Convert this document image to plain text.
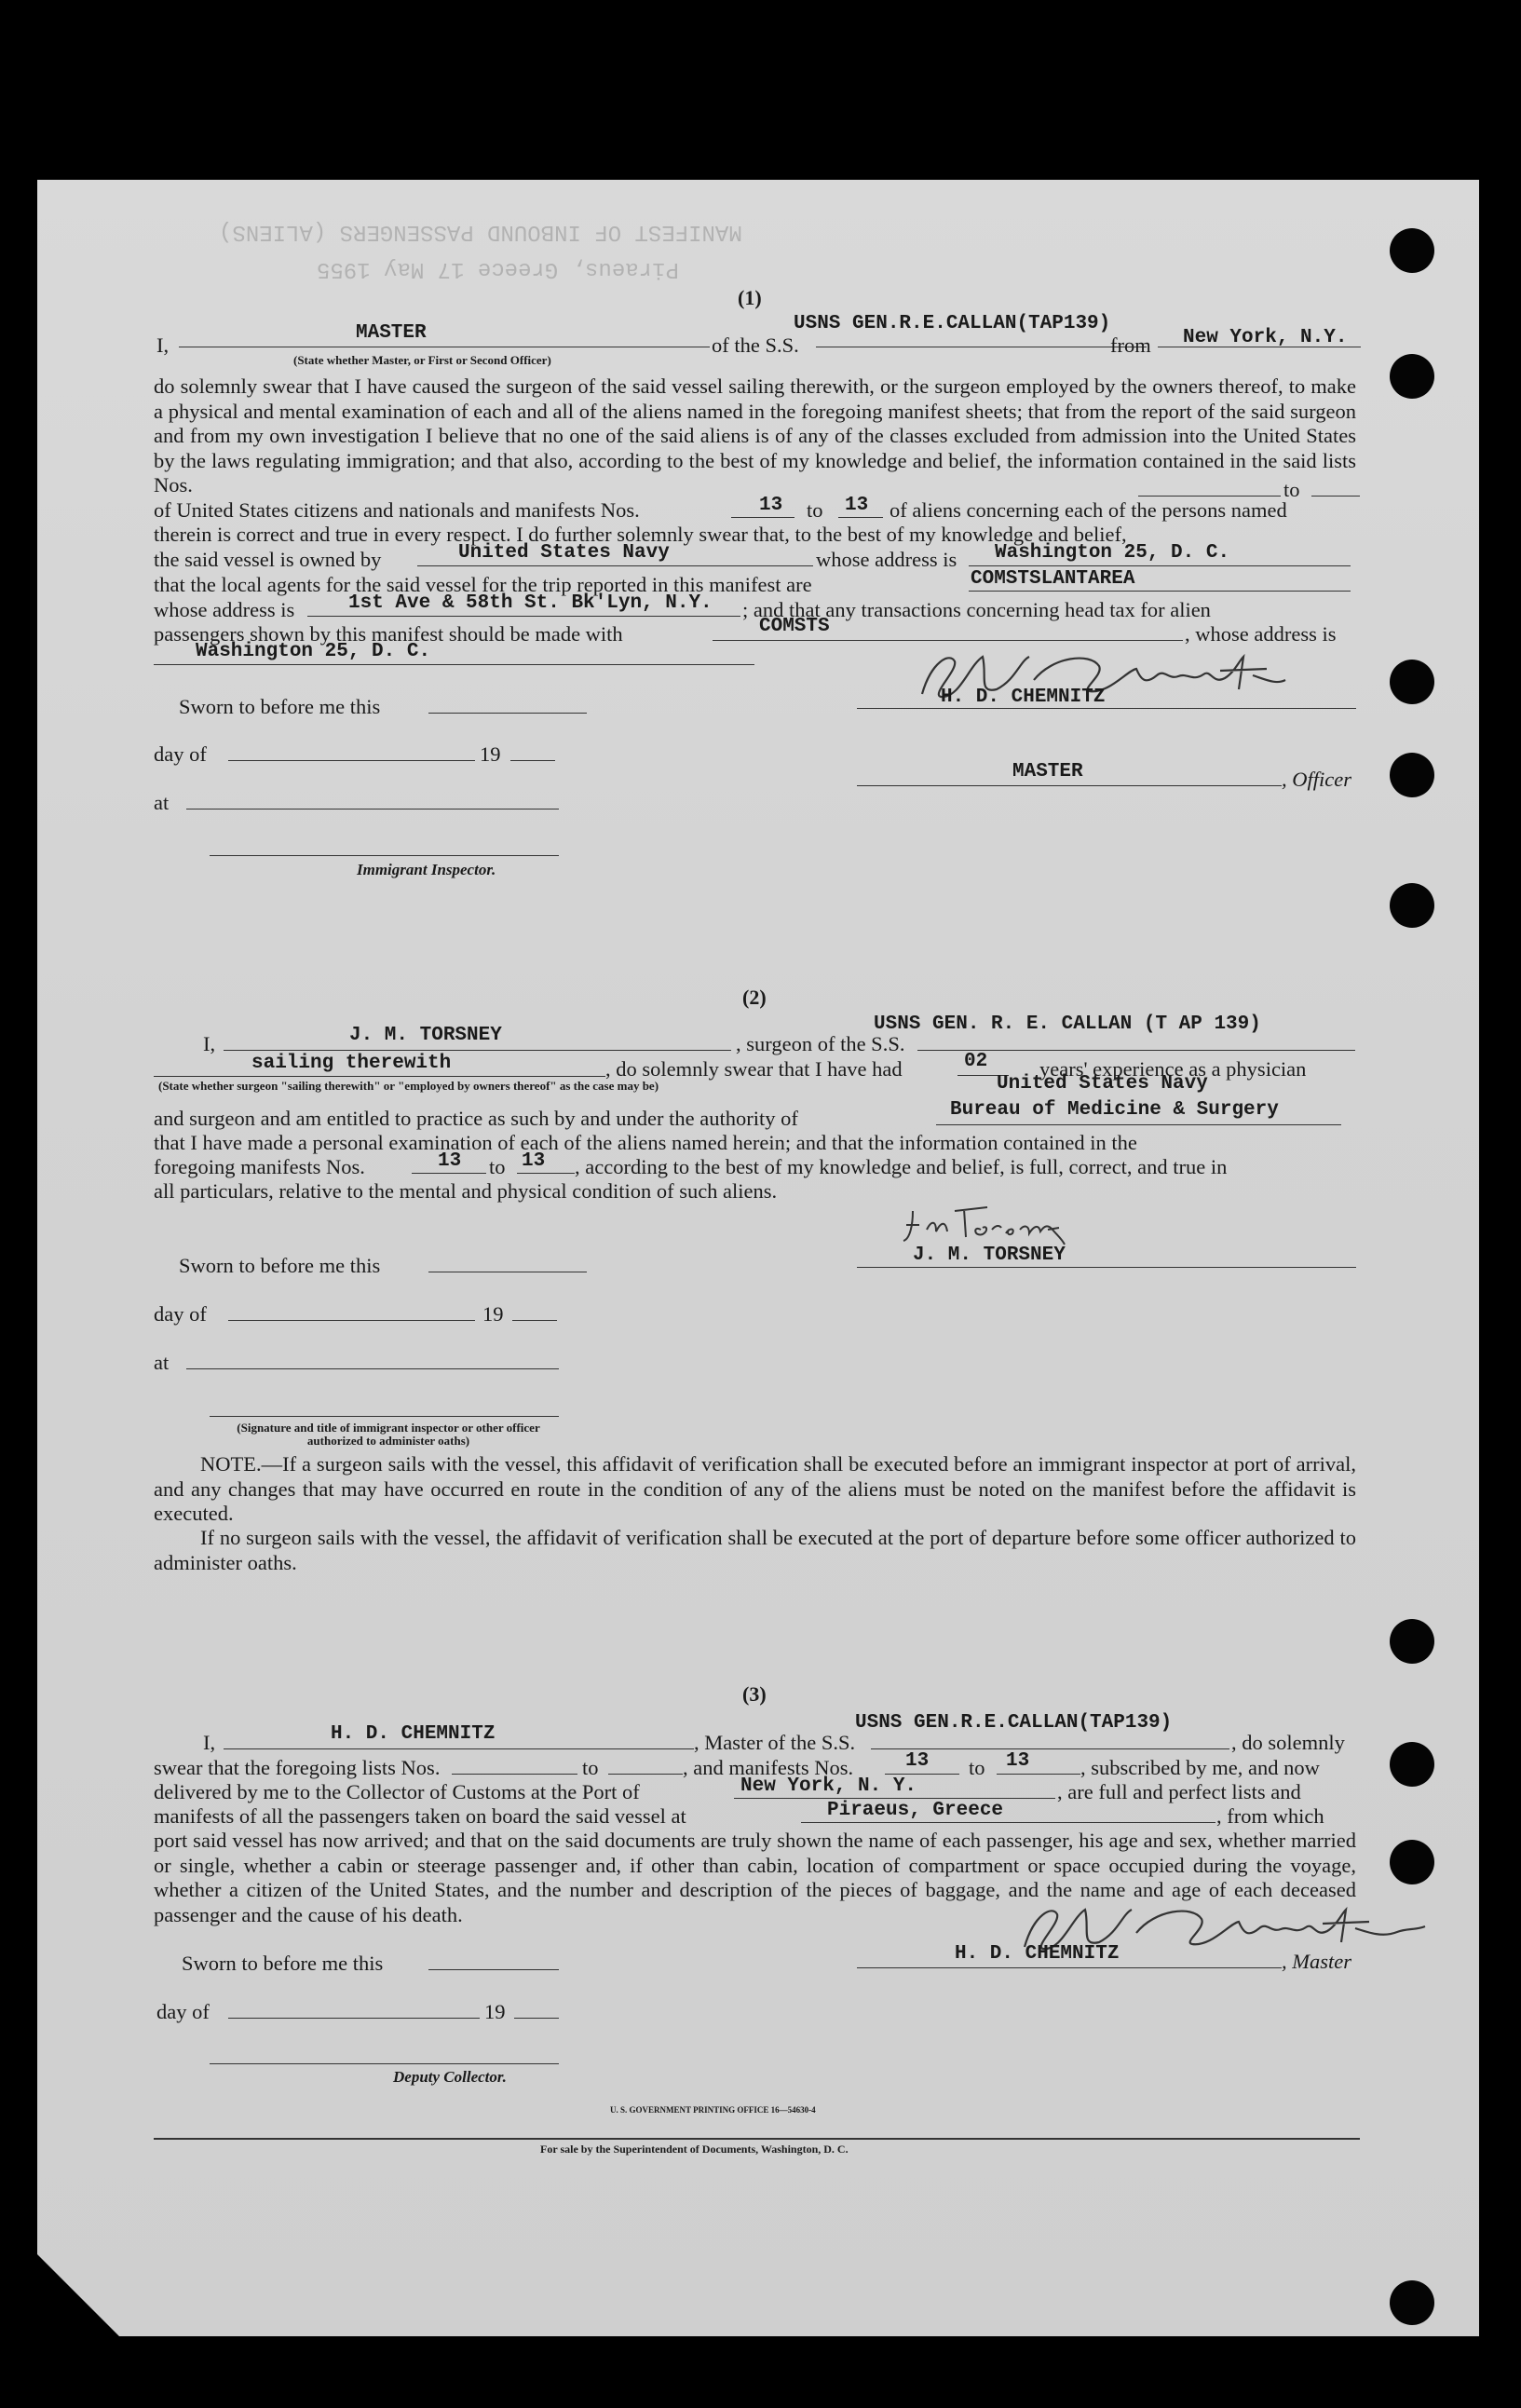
MANIFEST OF INBOUND PASSENGERS (ALIENS)
Piraeus, Greece 17 May 1955
(1)
I,
MASTER
(State whether Master, or First or Second Officer)
of the S.S.
USNS GEN.R.E.CALLAN(TAP139)
from New York, N.Y.
do solemnly swear that I have caused the surgeon of the said vessel sailing therewith, or the surgeon employed by the owners thereof, to make a physical and mental examination of each and all of the aliens named in the foregoing manifest sheets; that from the report of the said surgeon and from my own investigation I believe that no one of the said aliens is of any of the classes excluded from admission into the United States by the laws regulating immigration; and that also, according to the best of my knowledge and belief, the information contained in the said lists Nos.	to
of United States citizens and nationals and manifests Nos.	13 to 13 of aliens concerning each of the persons named
therein is correct and true in every respect. I do further solemnly swear that, to the best of my knowledge and belief,
the said vessel is owned by	United States Navy	whose address is Washington 25, D. C.
that the local agents for the said vessel for the trip reported in this manifest are	COMSTSLANTAREA
whose address is	1st Ave & 58th St. Bk'Lyn, N.Y. ; and that any transactions concerning head tax for alien
passengers shown by this manifest should be made with	COMSTS	, whose address is
Washington 25, D. C.
H. D. CHEMNITZ
Sworn to before me this
day of	19
MASTER	, Officer
at
Immigrant Inspector.
(2)
I,	J. M. TORSNEY	, surgeon of the S.S.
USNS GEN. R. E. CALLAN (T AP 139)
sailing therewith
(State whether surgeon "sailing therewith" or "employed by owners thereof" as the case may be)
, do solemnly swear that I have had	02 years' experience as a physician
United States Navy
and surgeon and am entitled to practice as such by and under the authority of	Bureau of Medicine & Surgery
that I have made a personal examination of each of the aliens named herein; and that the information contained in the
foregoing manifests Nos.	13 to 13 , according to the best of my knowledge and belief, is full, correct, and true in
all particulars, relative to the mental and physical condition of such aliens.
J. M. TORSNEY
Sworn to before me this
day of	19
at
(Signature and title of immigrant inspector or other officer authorized to administer oaths)
NOTE.—If a surgeon sails with the vessel, this affidavit of verification shall be executed before an immigrant inspector at port of arrival, and any changes that may have occurred en route in the condition of any of the aliens must be noted on the manifest before the affidavit is executed.
If no surgeon sails with the vessel, the affidavit of verification shall be executed at the port of departure before some officer authorized to administer oaths.
(3)
I,	H. D. CHEMNITZ	, Master of the S.S.
USNS GEN.R.E.CALLAN(TAP139)
, do solemnly
swear that the foregoing lists Nos.	to	, and manifests Nos.	13 to 13 , subscribed by me, and now
delivered by me to the Collector of Customs at the Port of	New York, N. Y.	, are full and perfect lists and
manifests of all the passengers taken on board the said vessel at	Piraeus, Greece	, from which
port said vessel has now arrived; and that on the said documents are truly shown the name of each passenger, his age and sex, whether married or single, whether a cabin or steerage passenger and, if other than cabin, location of compartment or space occupied during the voyage, whether a citizen of the United States, and the number and description of the pieces of baggage, and the name and age of each deceased passenger and the cause of his death.
H. D. CHEMNITZ	, Master
Sworn to before me this
day of	19
Deputy Collector.
U. S. GOVERNMENT PRINTING OFFICE 16—54630-4
For sale by the Superintendent of Documents, Washington, D. C.
